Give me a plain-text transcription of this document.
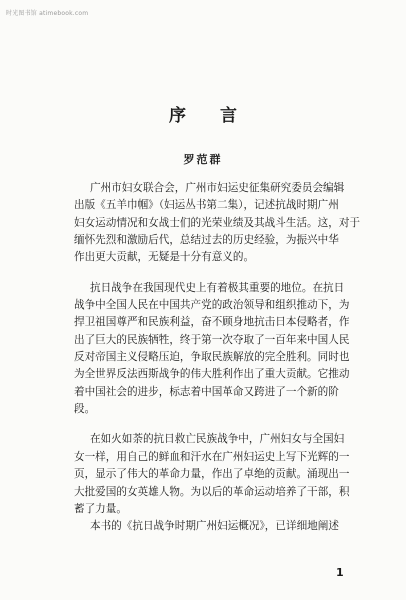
时光图书馆 atimebook.com
序 言
罗范群
广州市妇女联合会，广州市妇运史征集研究委员会编辑
出版《五羊巾帼》（妇运丛书第二集），记述抗战时期广州
妇女运动情况和女战士们的光荣业绩及其战斗生活。这，对于
缅怀先烈和激励后代，总结过去的历史经验，为振兴中华
作出更大贡献，无疑是十分有意义的。
抗日战争在我国现代史上有着极其重要的地位。在抗日
战争中全国人民在中国共产党的政治领导和组织推动下，为
捍卫祖国尊严和民族利益，奋不顾身地抗击日本侵略者，作
出了巨大的民族牺牲，终于第一次夺取了一百年来中国人民
反对帝国主义侵略压迫，争取民族解放的完全胜利。同时也
为全世界反法西斯战争的伟大胜利作出了重大贡献。它推动
着中国社会的进步，标志着中国革命又跨进了一个新的阶
段。
在如火如荼的抗日救亡民族战争中，广州妇女与全国妇
女一样，用自己的鲜血和汗水在广州妇运史上写下光辉的一
页，显示了伟大的革命力量，作出了卓绝的贡献。涌现出一
大批爱国的女英雄人物。为以后的革命运动培养了干部，积
蓄了力量。
本书的《抗日战争时期广州妇运概况》，已详细地阐述
1
